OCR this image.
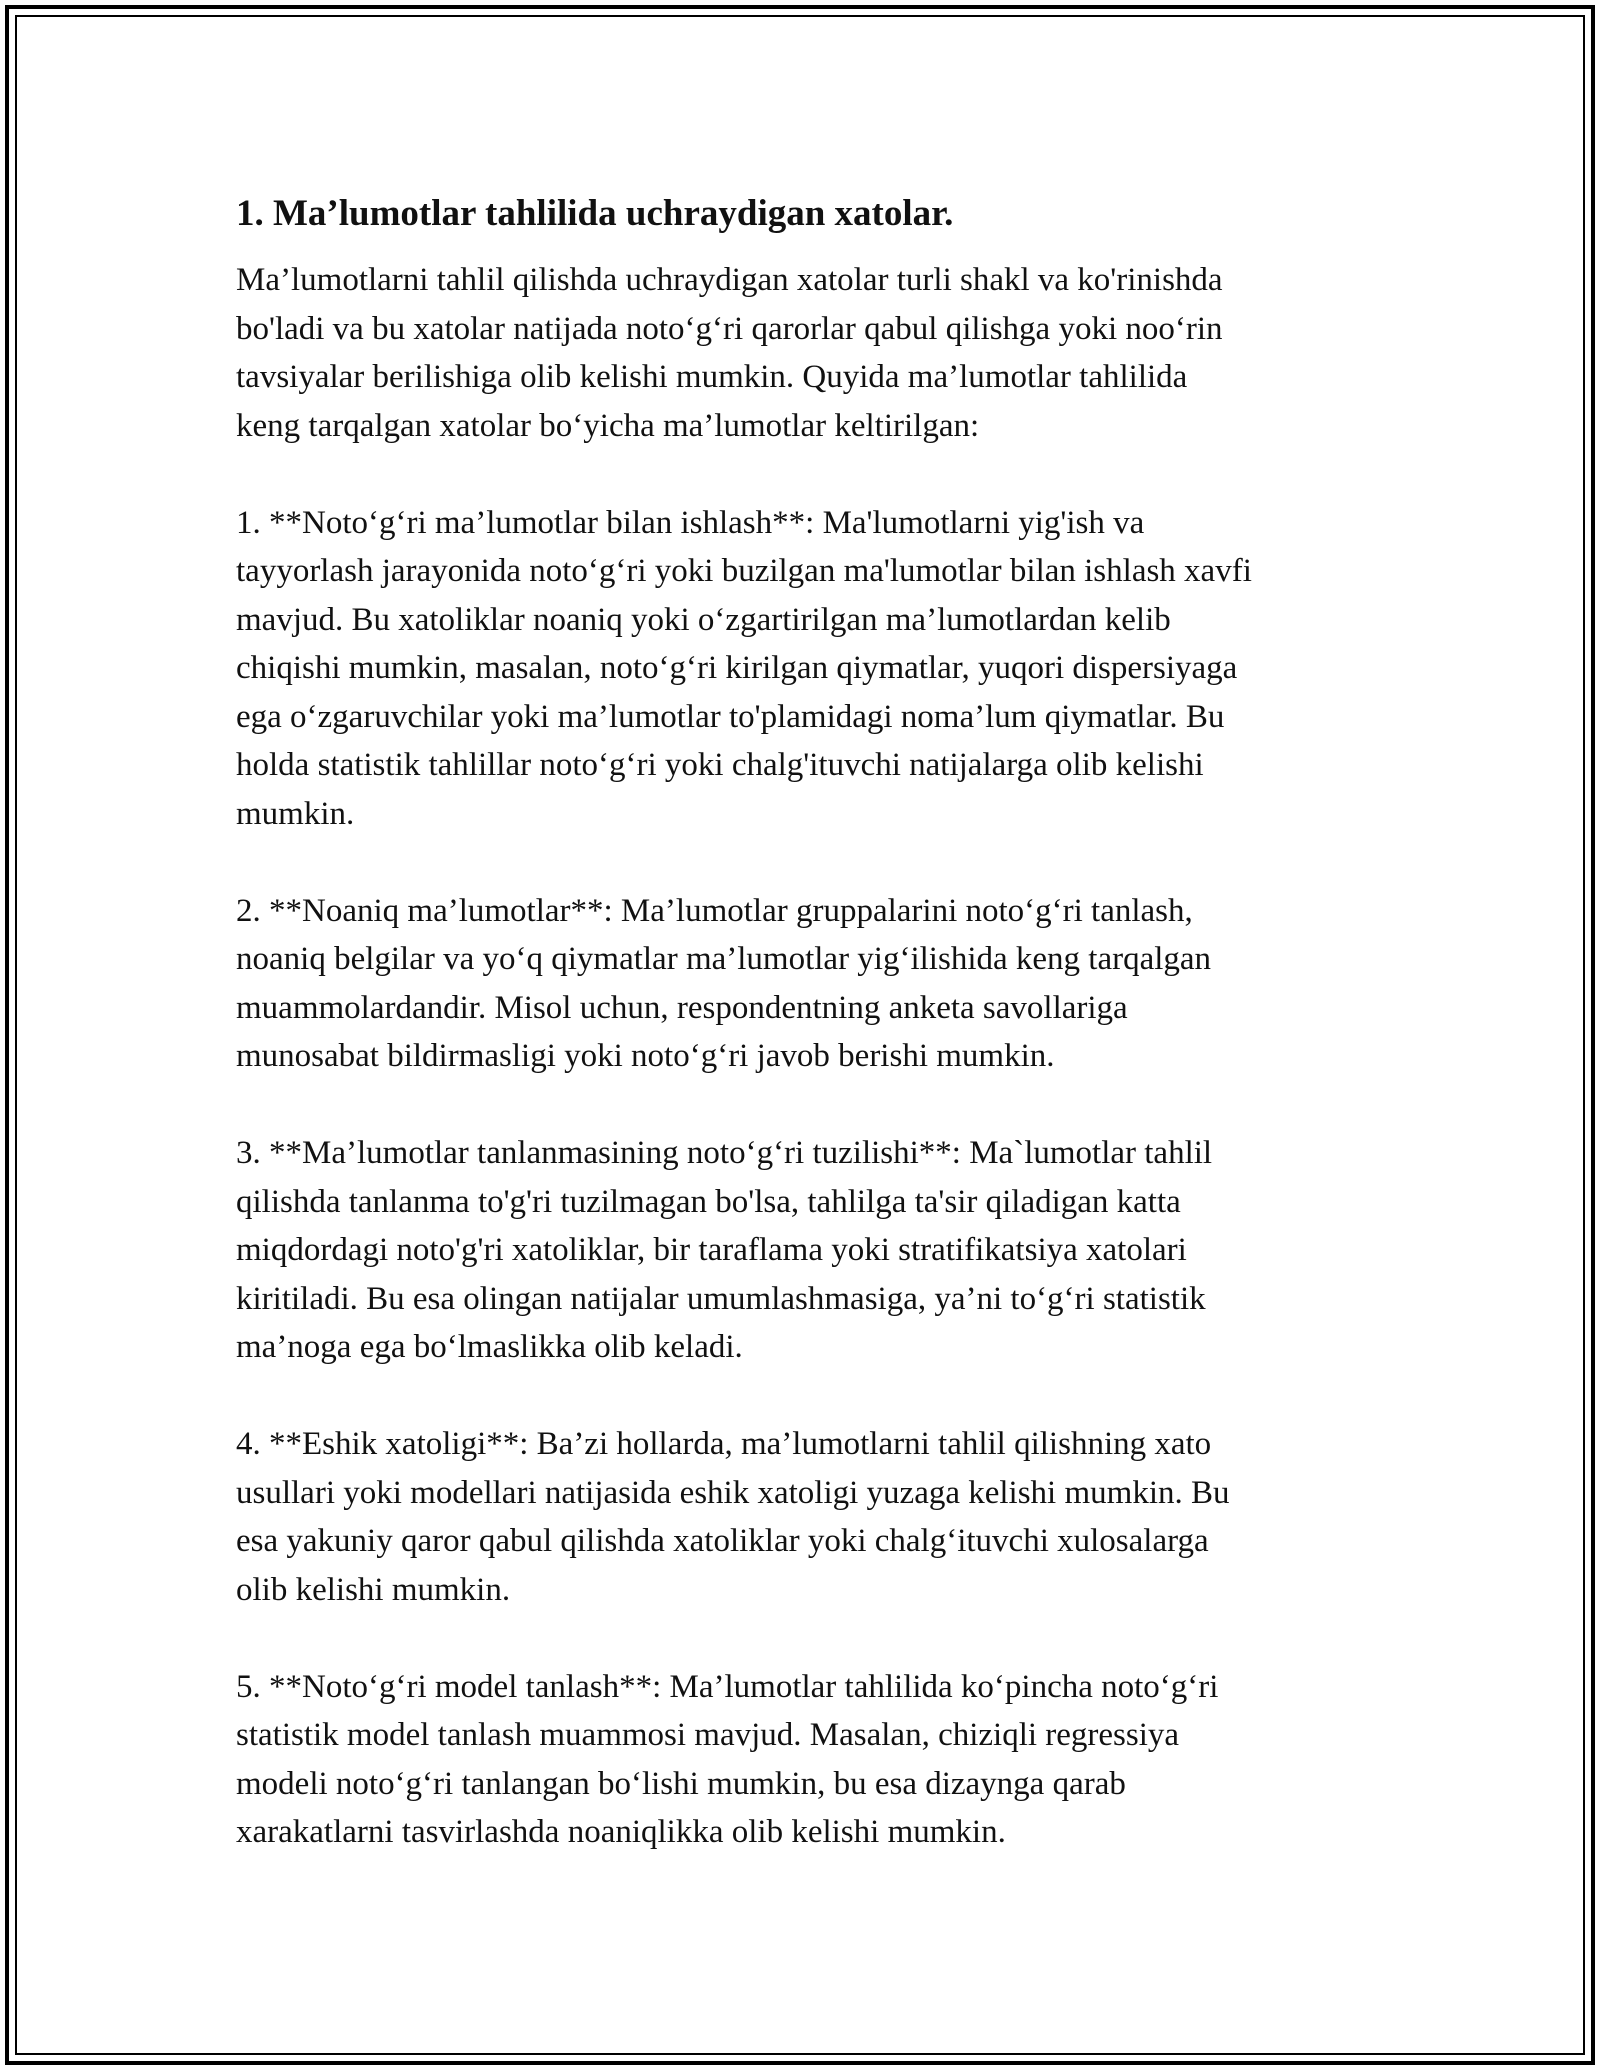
1. Ma’lumotlar tahlilida uchraydigan xatolar.

Ma’lumotlarni tahlil qilishda uchraydigan xatolar turli shakl va ko'rinishda
bo'ladi va bu xatolar natijada noto‘g‘ri qarorlar qabul qilishga yoki noo‘rin
tavsiyalar berilishiga olib kelishi mumkin. Quyida ma’lumotlar tahlilida
keng tarqalgan xatolar bo‘yicha ma’lumotlar keltirilgan:

1. **Noto‘g‘ri ma’lumotlar bilan ishlash**: Ma'lumotlarni yig'ish va
tayyorlash jarayonida noto‘g‘ri yoki buzilgan ma'lumotlar bilan ishlash xavfi
mavjud. Bu xatoliklar noaniq yoki o‘zgartirilgan ma’lumotlardan kelib
chiqishi mumkin, masalan, noto‘g‘ri kirilgan qiymatlar, yuqori dispersiyaga
ega o‘zgaruvchilar yoki ma’lumotlar to'plamidagi noma’lum qiymatlar. Bu
holda statistik tahlillar noto‘g‘ri yoki chalg'ituvchi natijalarga olib kelishi
mumkin.

2. **Noaniq ma’lumotlar**: Ma’lumotlar gruppalarini noto‘g‘ri tanlash,
noaniq belgilar va yo‘q qiymatlar ma’lumotlar yig‘ilishida keng tarqalgan
muammolardandir. Misol uchun, respondentning anketa savollariga
munosabat bildirmasligi yoki noto‘g‘ri javob berishi mumkin.

3. **Ma’lumotlar tanlanmasining noto‘g‘ri tuzilishi**: Ma`lumotlar tahlil
qilishda tanlanma to'g'ri tuzilmagan bo'lsa, tahlilga ta'sir qiladigan katta
miqdordagi noto'g'ri xatoliklar, bir taraflama yoki stratifikatsiya xatolari
kiritiladi. Bu esa olingan natijalar umumlashmasiga, ya’ni to‘g‘ri statistik
ma’noga ega bo‘lmaslikka olib keladi.

4. **Eshik xatoligi**: Ba’zi hollarda, ma’lumotlarni tahlil qilishning xato
usullari yoki modellari natijasida eshik xatoligi yuzaga kelishi mumkin. Bu
esa yakuniy qaror qabul qilishda xatoliklar yoki chalg‘ituvchi xulosalarga
olib kelishi mumkin.

5. **Noto‘g‘ri model tanlash**: Ma’lumotlar tahlilida ko‘pincha noto‘g‘ri
statistik model tanlash muammosi mavjud. Masalan, chiziqli regressiya
modeli noto‘g‘ri tanlangan bo‘lishi mumkin, bu esa dizaynga qarab
xarakatlarni tasvirlashda noaniqlikka olib kelishi mumkin.
